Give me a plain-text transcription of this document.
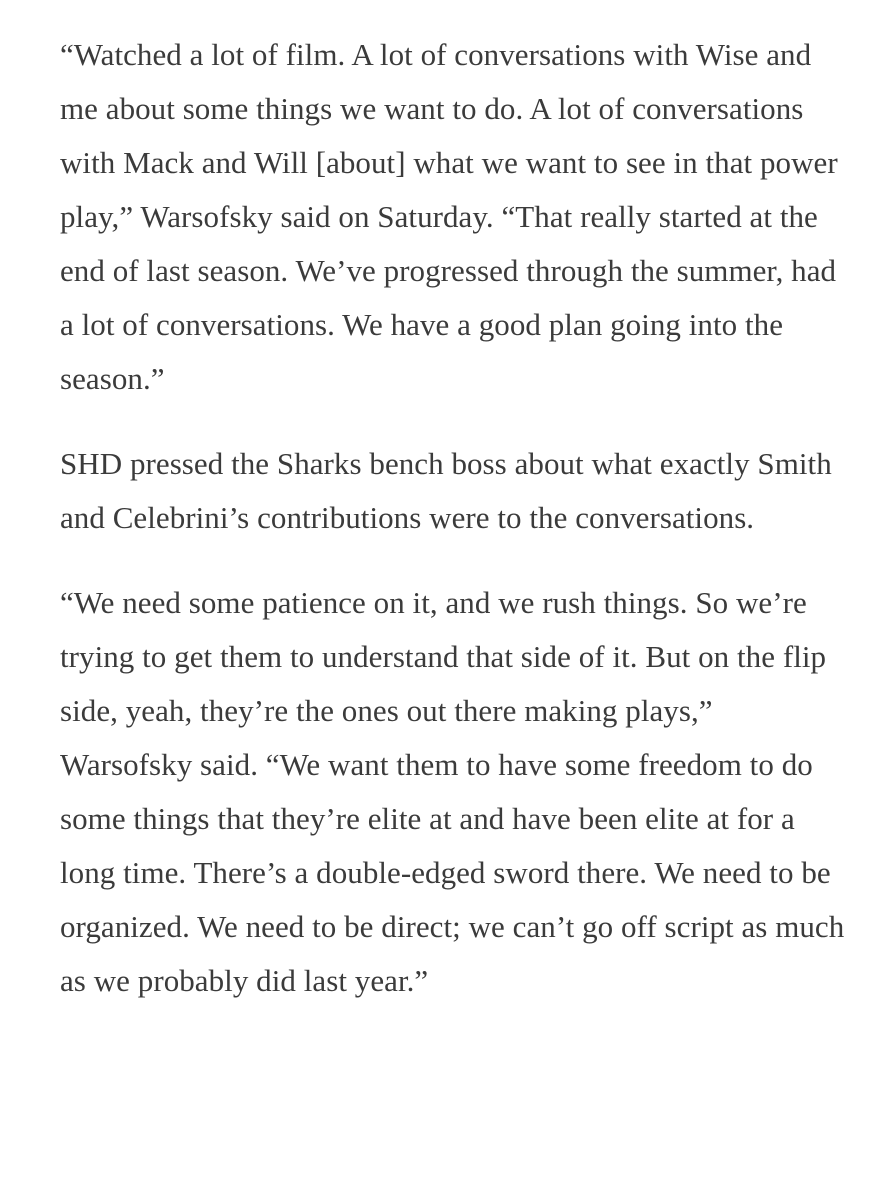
“Watched a lot of film. A lot of conversations with Wise and me about some things we want to do. A lot of conversations with Mack and Will [about] what we want to see in that power play,” Warsofsky said on Saturday. “That really started at the end of last season. We’ve progressed through the summer, had a lot of conversations. We have a good plan going into the season.”

SHD pressed the Sharks bench boss about what exactly Smith and Celebrini’s contributions were to the conversations.

“We need some patience on it, and we rush things. So we’re trying to get them to understand that side of it. But on the flip side, yeah, they’re the ones out there making plays,” Warsofsky said. “We want them to have some freedom to do some things that they’re elite at and have been elite at for a long time. There’s a double-edged sword there. We need to be organized. We need to be direct; we can’t go off script as much as we probably did last year.”
